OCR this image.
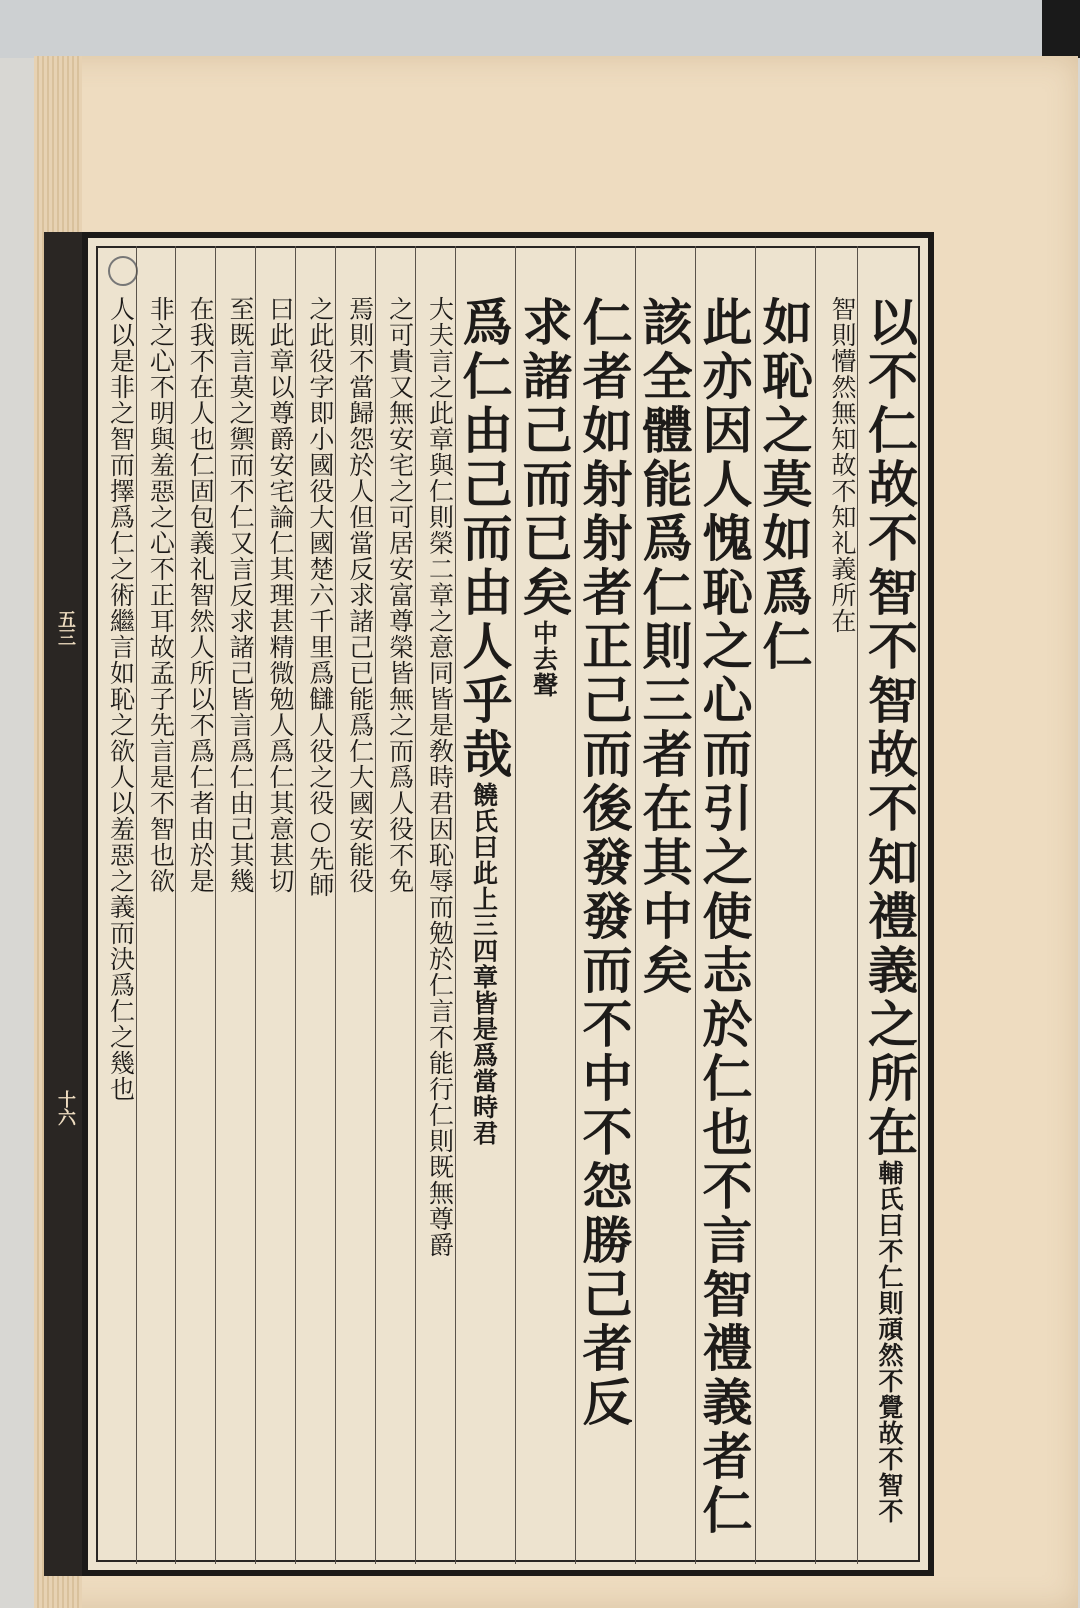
五三
十六	以不仁故不智不智故不知禮義之所在輔氏曰不仁則頑然不覺故不智不
智則懵然無知故不知礼義所在
如恥之莫如爲仁
此亦因人愧恥之心而引之使志於仁也不言智禮義者仁
該全體能爲仁則三者在其中矣
仁者如射射者正己而後發發而不中不怨勝己者反
求諸己而已矣中去聲
爲仁由己而由人乎哉饒氏曰此上三四章皆是爲當時君
大夫言之此章與仁則榮二章之意同皆是敎時君因恥辱而勉於仁言不能行仁則既無尊爵
之可貴又無安宅之可居安富尊榮皆無之而爲人役不免
焉則不當歸怨於人但當反求諸己已能爲仁大國安能役
之此役字即小國役大國楚六千里爲讎人役之役○先師
曰此章以尊爵安宅論仁其理甚精微勉人爲仁其意甚切
至既言莫之禦而不仁又言反求諸己皆言爲仁由己其幾
在我不在人也仁固包義礼智然人所以不爲仁者由於是
非之心不明與羞惡之心不正耳故孟子先言是不智也欲
人以是非之智而擇爲仁之術繼言如恥之欲人以羞惡之義而決爲仁之幾也
